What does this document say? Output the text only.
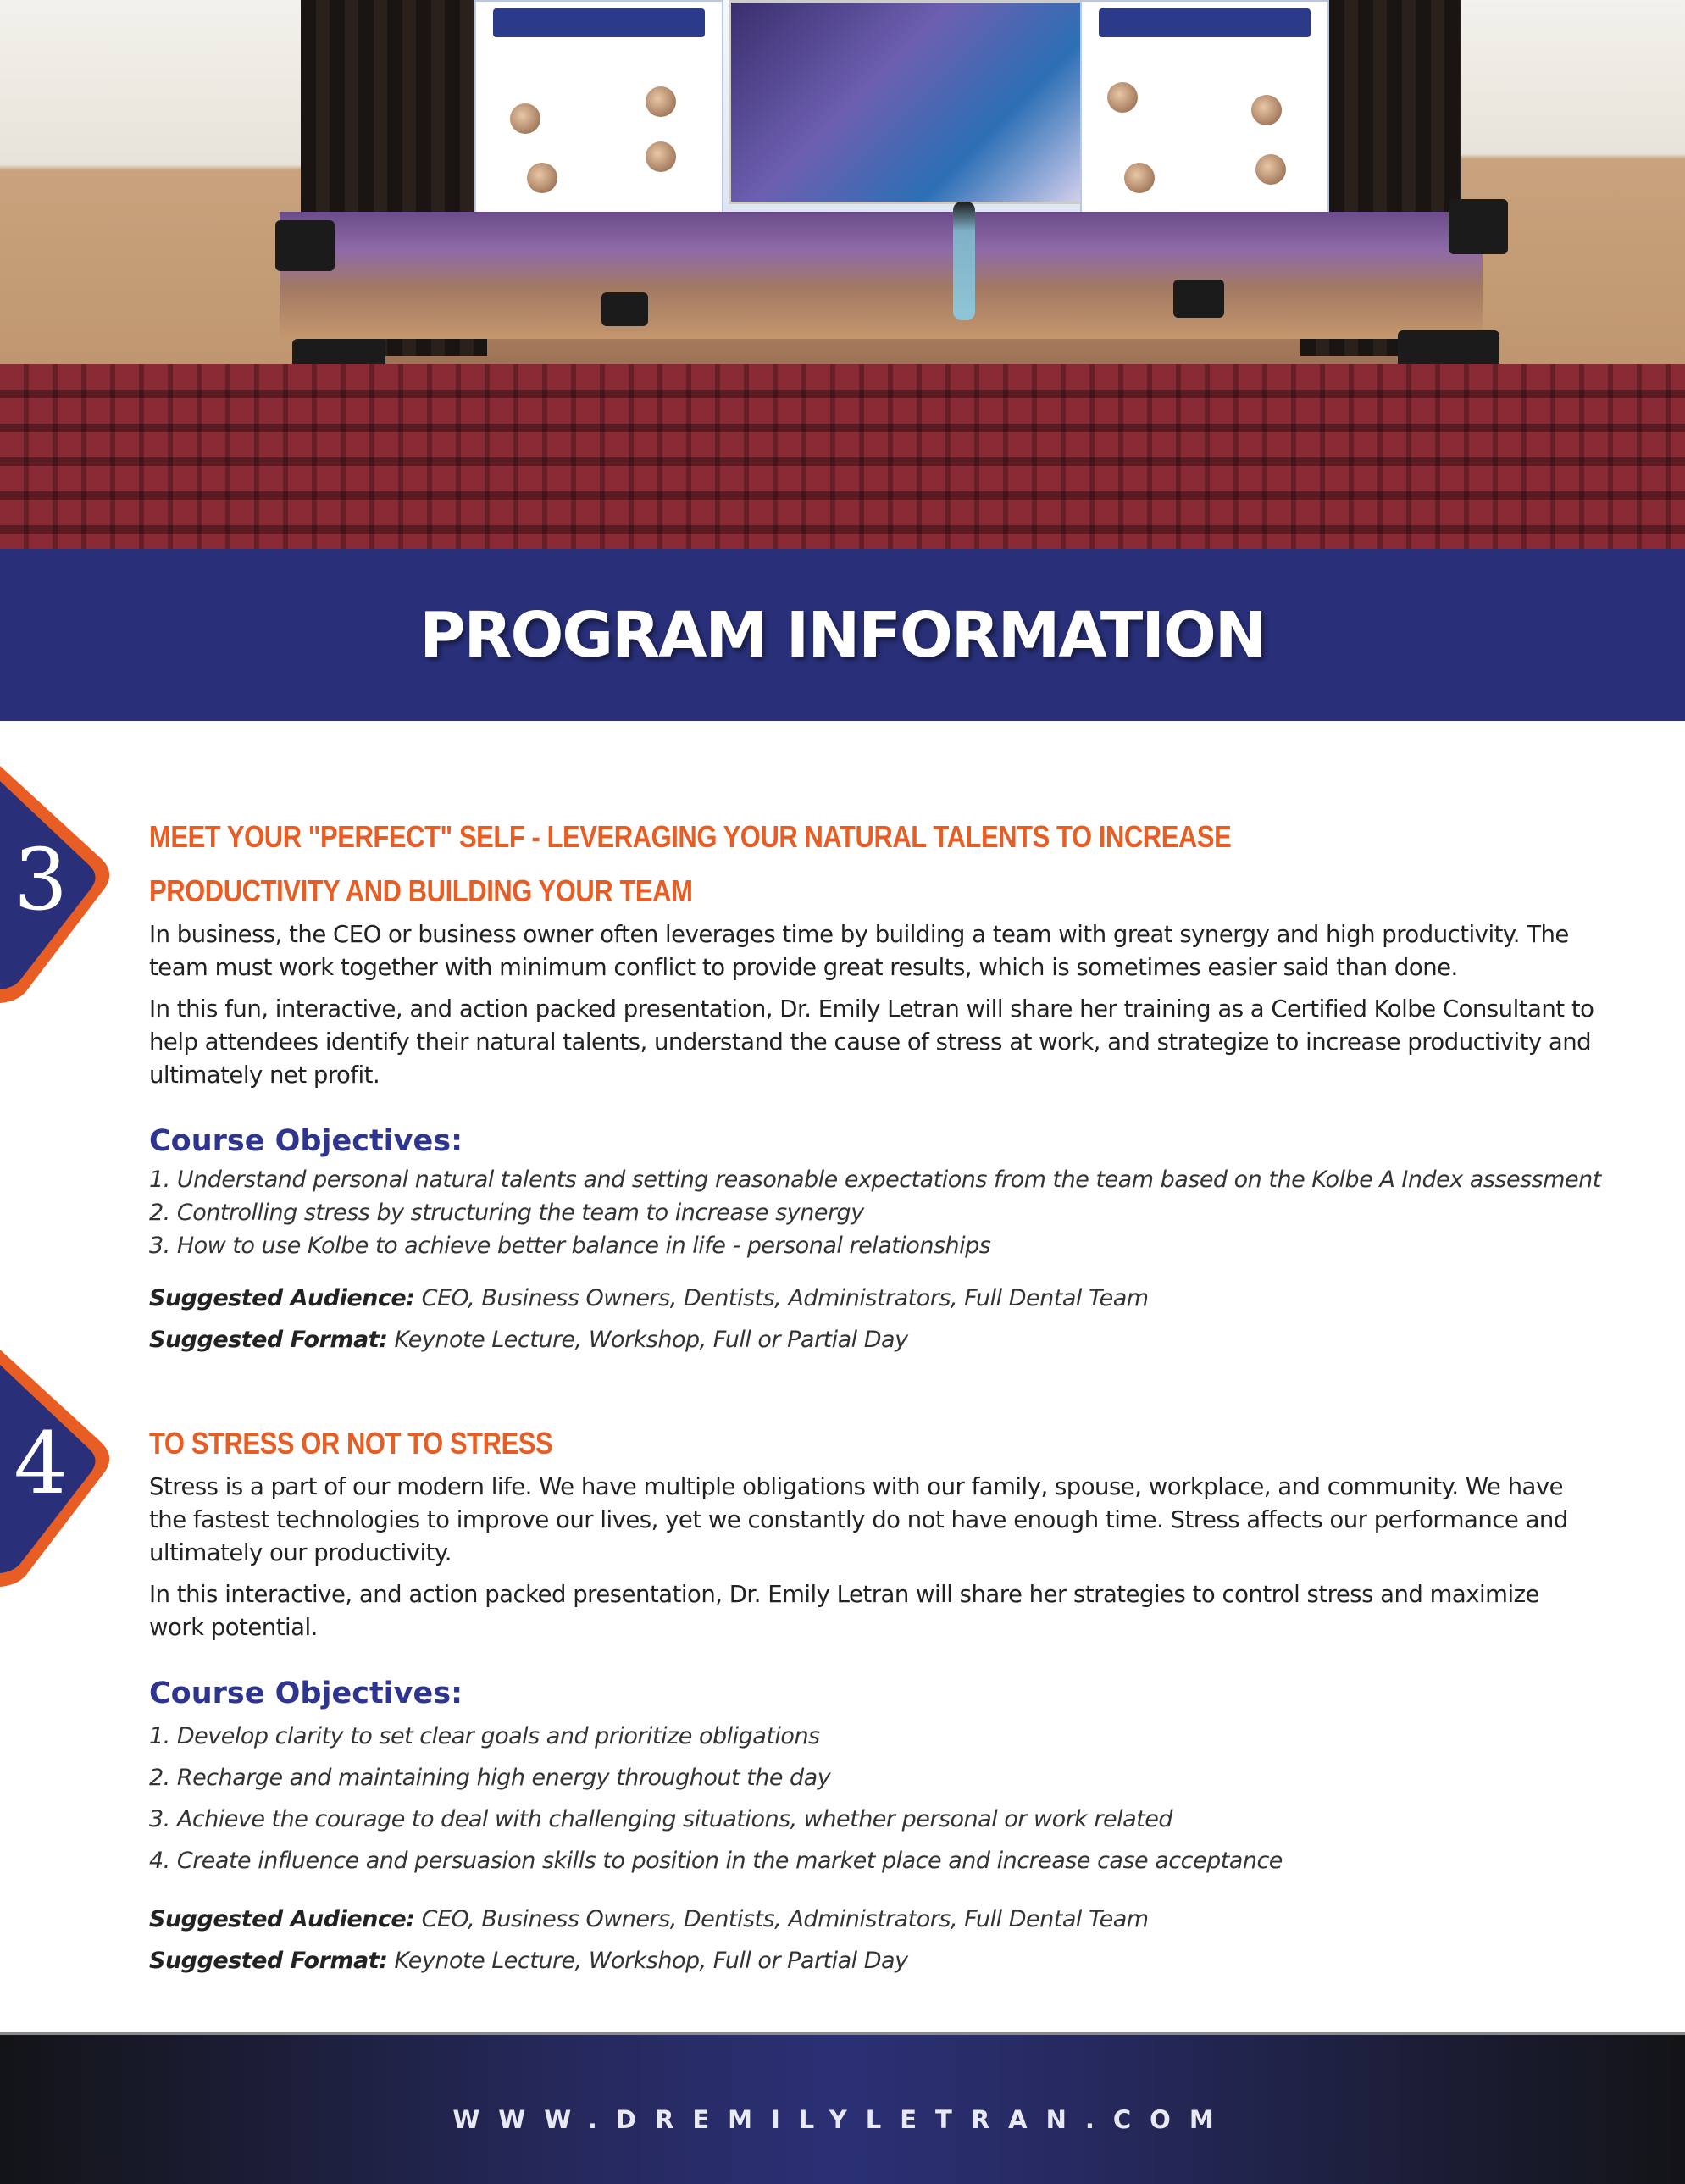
PROGRAM INFORMATION
3	MEET YOUR "PERFECT" SELF - LEVERAGING YOUR NATURAL TALENTS TO INCREASE
PRODUCTIVITY AND BUILDING YOUR TEAM

In business, the CEO or business owner often leverages time by building a team with great synergy and high productivity. The
team must work together with minimum conflict to provide great results, which is sometimes easier said than done.

In this fun, interactive, and action packed presentation, Dr. Emily Letran will share her training as a Certified Kolbe Consultant to
help attendees identify their natural talents, understand the cause of stress at work, and strategize to increase productivity and
ultimately net profit.

Course Objectives:
1. Understand personal natural talents and setting reasonable expectations from the team based on the Kolbe A Index assessment
2. Controlling stress by structuring the team to increase synergy
3. How to use Kolbe to achieve better balance in life - personal relationships

Suggested Audience: CEO, Business Owners, Dentists, Administrators, Full Dental Team

Suggested Format: Keynote Lecture, Workshop, Full or Partial Day

4	TO STRESS OR NOT TO STRESS

Stress is a part of our modern life. We have multiple obligations with our family, spouse, workplace, and community. We have
the fastest technologies to improve our lives, yet we constantly do not have enough time. Stress affects our performance and
ultimately our productivity.

In this interactive, and action packed presentation, Dr. Emily Letran will share her strategies to control stress and maximize
work potential.

Course Objectives:
1. Develop clarity to set clear goals and prioritize obligations
2. Recharge and maintaining high energy throughout the day
3. Achieve the courage to deal with challenging situations, whether personal or work related
4. Create influence and persuasion skills to position in the market place and increase case acceptance

Suggested Audience: CEO, Business Owners, Dentists, Administrators, Full Dental Team

Suggested Format: Keynote Lecture, Workshop, Full or Partial Day

WWW.DREMILYLETRAN.COM
